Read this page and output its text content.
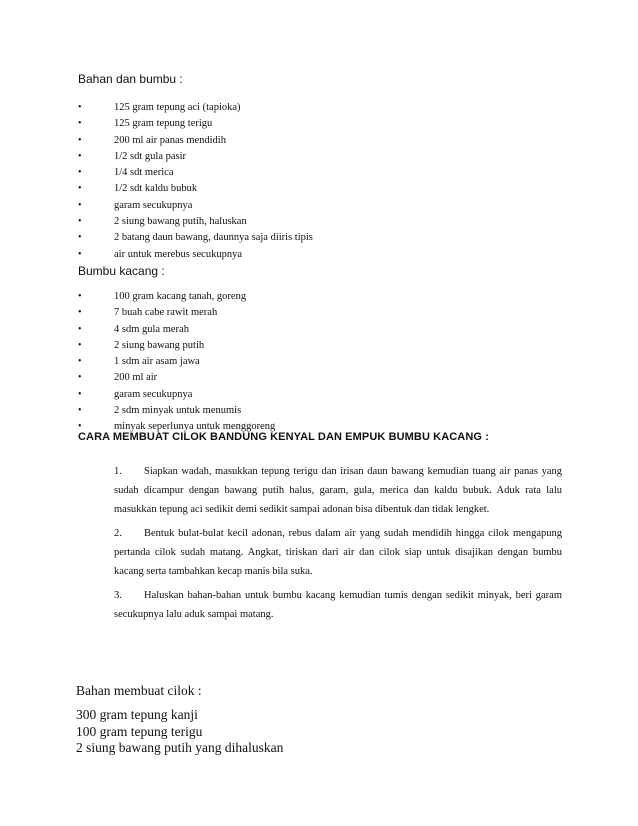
Bahan dan bumbu :
•	125 gram tepung aci (tapioka)
•	125 gram tepung terigu
•	200 ml air panas mendidih
•	1/2 sdt gula pasir
•	1/4 sdt merica
•	1/2 sdt kaldu bubuk
•	garam secukupnya
•	2 siung bawang putih, haluskan
•	2 batang daun bawang, daunnya saja diiris tipis
•	air untuk merebus secukupnya
Bumbu kacang :
•	100 gram kacang tanah, goreng
•	7 buah cabe rawit merah
•	4 sdm gula merah
•	2 siung bawang putih
•	1 sdm air asam jawa
•	200 ml air
•	garam secukupnya
•	2 sdm minyak untuk menumis
•	minyak seperlunya untuk menggoreng
CARA MEMBUAT CILOK BANDUNG KENYAL DAN EMPUK BUMBU KACANG :
1. Siapkan wadah, masukkan tepung terigu dan irisan daun bawang kemudian tuang air panas yang sudah dicampur dengan bawang putih halus, garam, gula, merica dan kaldu bubuk. Aduk rata lalu masukkan tepung aci sedikit demi sedikit sampai adonan bisa dibentuk dan tidak lengket.
2. Bentuk bulat-bulat kecil adonan, rebus dalam air yang sudah mendidih hingga cilok mengapung pertanda cilok sudah matang. Angkat, tiriskan dari air dan cilok siap untuk disajikan dengan bumbu kacang serta tambahkan kecap manis bila suka.
3. Haluskan bahan-bahan untuk bumbu kacang kemudian tumis dengan sedikit minyak, beri garam secukupnya lalu aduk sampai matang.
Bahan membuat cilok :
300 gram tepung kanji
100 gram tepung terigu
2 siung bawang putih yang dihaluskan
